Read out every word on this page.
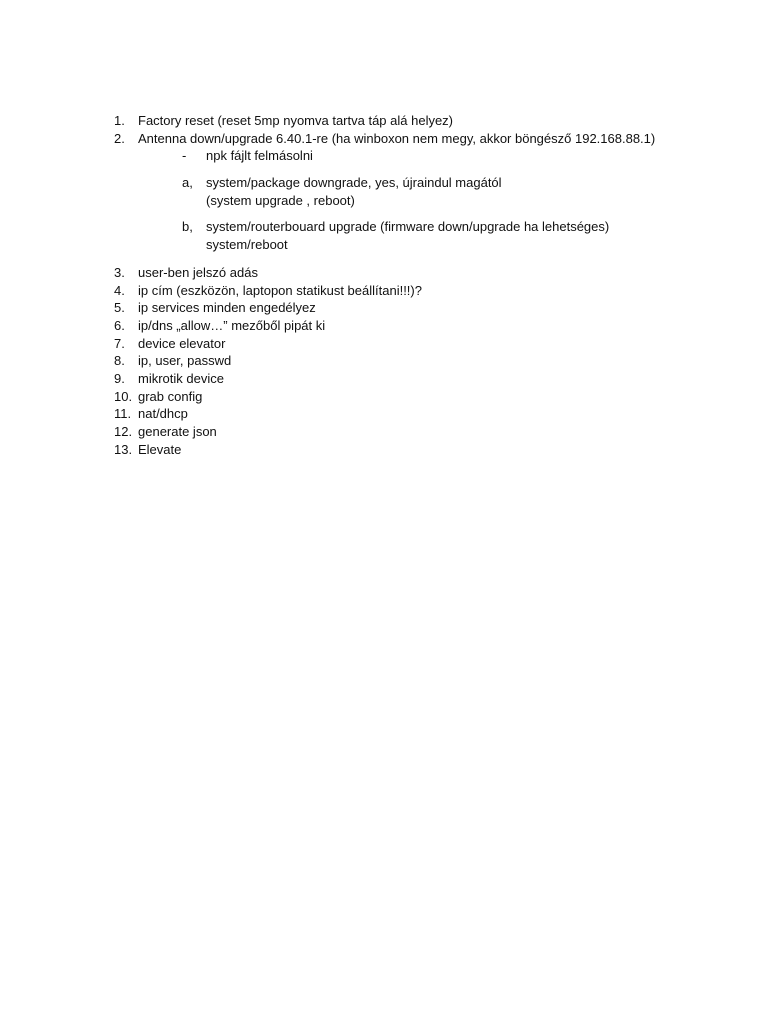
1.	Factory reset (reset 5mp nyomva tartva táp alá helyez)
2.	Antenna down/upgrade 6.40.1-re (ha winboxon nem megy, akkor böngésző 192.168.88.1)
- npk fájlt felmásolni
a, system/package downgrade, yes, újraindul magától
(system upgrade , reboot)
b, system/routerbouard upgrade (firmware down/upgrade ha lehetséges)
system/reboot
3.	user-ben jelszó adás
4.	ip cím (eszközön, laptopon statikust beállítani!!!)?
5.	ip services minden engedélyez
6.	ip/dns „allow…” mezőből pipát ki
7.	device elevator
8.	ip, user, passwd
9.	mikrotik device
10. grab config
11. nat/dhcp
12. generate json
13. Elevate
